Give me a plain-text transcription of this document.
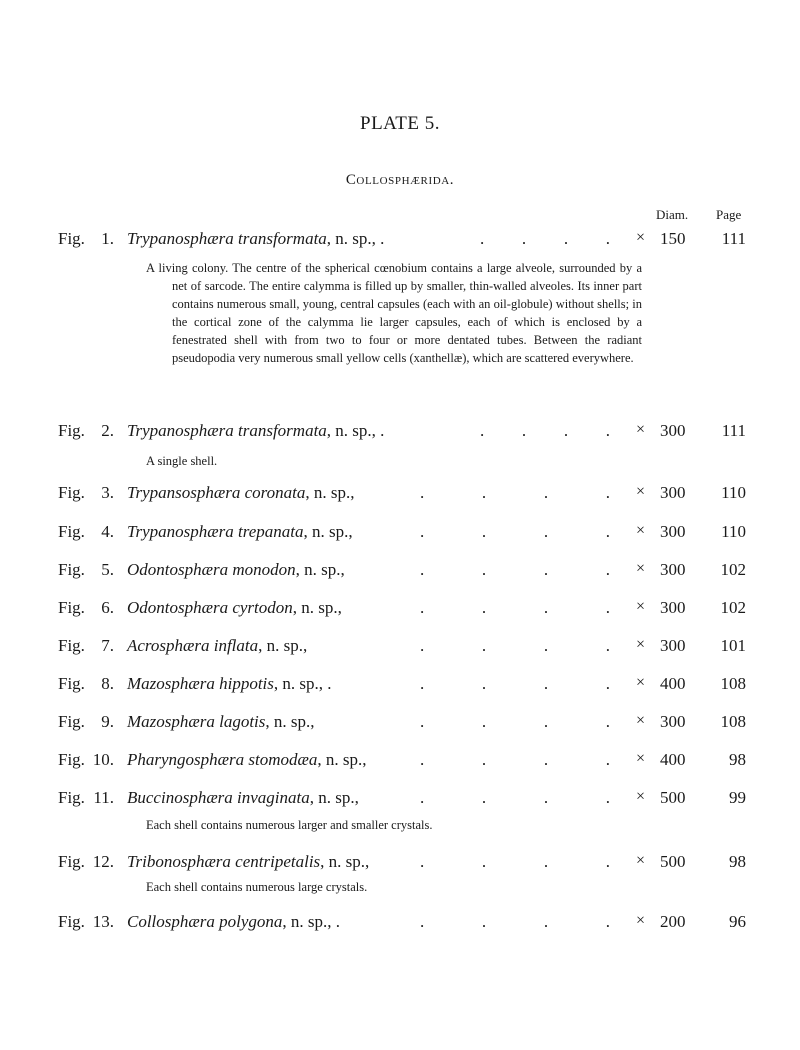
PLATE 5.
Collosphærida.
Diam. Page
Fig. 1. Trypanosphæra transformata, n. sp., .	. . . . × 150 111
A living colony. The centre of the spherical cœnobium contains a large alveole, surrounded by a net of sarcode. The entire calymma is filled up by smaller, thin-walled alveoles. Its inner part contains numerous small, young, central capsules (each with an oil-globule) without shells; in the cortical zone of the calymma lie larger capsules, each of which is enclosed by a fenestrated shell with from two to four or more dentated tubes. Between the radiant pseudopodia very numerous small yellow cells (xanthellæ), which are scattered everywhere.
Fig. 2. Trypanosphæra transformata, n. sp., .	. . . . × 300 111
A single shell.
Fig. 3. Trypansosphæra coronata, n. sp.,	.	.	.	. × 300 110
Fig. 4. Trypanosphæra trepanata, n. sp.,	.	.	.	. × 300 110
Fig. 5. Odontosphæra monodon, n. sp.,	.	.	.	. × 300 102
Fig. 6. Odontosphæra cyrtodon, n. sp.,	.	.	.	. × 300 102
Fig. 7. Acrosphæra inflata, n. sp.,	.	.	.	. × 300 101
Fig. 8. Mazosphæra hippotis, n. sp., .	.	.	.	. × 400 108
Fig. 9. Mazosphæra lagotis, n. sp.,	.	.	.	. × 300 108
Fig. 10. Pharyngosphæra stomodæa, n. sp.,	.	.	.	. × 400	98
Fig. 11. Buccinosphæra invaginata, n. sp.,	.	.	.	. × 500	99
Each shell contains numerous larger and smaller crystals.
Fig. 12. Tribonosphæra centripetalis, n. sp.,	.	.	.	. × 500	98
Each shell contains numerous large crystals.
Fig. 13. Collosphæra polygona, n. sp., .	.	.	.	. × 200	96
